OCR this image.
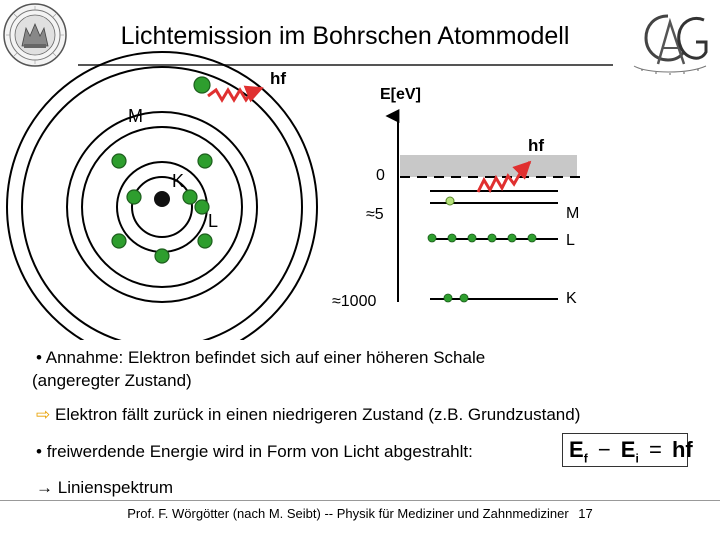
Lichtemission im Bohrschen Atommodell
hf
M
K
L
E[eV]
hf
0
≈5
≈1000
M
L
K
• Annahme: Elektron befindet sich auf einer höheren Schale
(angeregter Zustand)
⇨ Elektron fällt zurück in einen niedrigeren Zustand (z.B. Grundzustand)
• freiwerdende Energie wird in Form von Licht abgestrahlt:
→ Linienspektrum
$E_f - E_i$ = hf
Prof. F. Wörgötter (nach M. Seibt) -- Physik für Mediziner und Zahnmediziner 17
